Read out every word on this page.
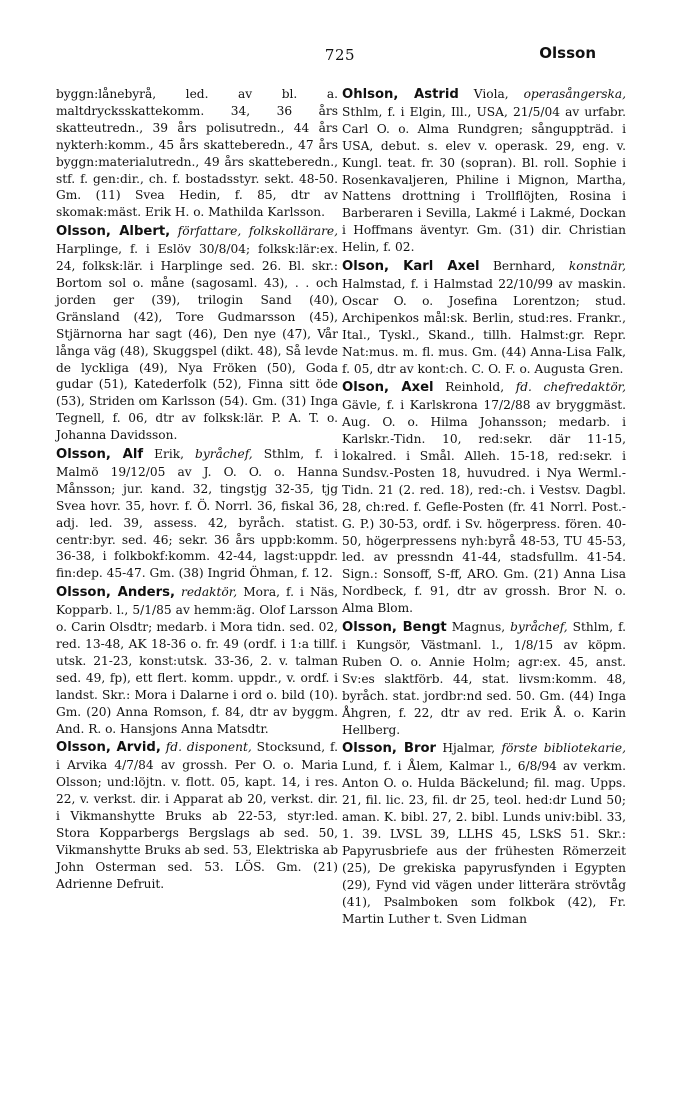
725	Olsson

byggn:lånebyrå, led. av bl. a. maltdrycksskattekomm. 34, 36 års skatteutredn., 39 års polisutredn., 44 års nykterh:komm., 45 års skatteberedn., 47 års byggn:materialutredn., 49 års skatteberedn., stf. f. gen:dir., ch. f. bostadsstyr. sekt. 48-50. Gm. (11) Svea Hedin, f. 85, dtr av skomak:mäst. Erik H. o. Mathilda Karlsson.

Olsson, Albert, författare, folkskollärare, Harplinge, f. i Eslöv 30/8/04; folksk:lär:ex. 24, folksk:lär. i Harplinge sed. 26. Bl. skr.: Bortom sol o. måne (sagosaml. 43), . . och jorden ger (39), trilogin Sand (40), Gränsland (42), Tore Gudmarsson (45), Stjärnorna har sagt (46), Den nye (47), Vår långa väg (48), Skuggspel (dikt. 48), Så levde de lyckliga (49), Nya Fröken (50), Goda gudar (51), Katederfolk (52), Finna sitt öde (53), Striden om Karlsson (54). Gm. (31) Inga Tegnell, f. 06, dtr av folksk:lär. P. A. T. o. Johanna Davidsson.

Olsson, Alf Erik, byråchef, Sthlm, f. i Malmö 19/12/05 av J. O. O. o. Hanna Månsson; jur. kand. 32, tingstjg 32-35, tjg Svea hovr. 35, hovr. f. Ö. Norrl. 36, fiskal 36, adj. led. 39, assess. 42, byråch. statist. centr:byr. sed. 46; sekr. 36 års uppb:komm. 36-38, i folkbokf:komm. 42-44, lagst:uppdr. fin:dep. 45-47. Gm. (38) Ingrid Öhman, f. 12.

Olsson, Anders, redaktör, Mora, f. i Näs, Kopparb. l., 5/1/85 av hemm:äg. Olof Larsson o. Carin Olsdtr; medarb. i Mora tidn. sed. 02, red. 13-48, AK 18-36 o. fr. 49 (ordf. i 1:a tillf. utsk. 21-23, konst:utsk. 33-36, 2. v. talman sed. 49, fp), ett flert. komm. uppdr., v. ordf. i landst. Skr.: Mora i Dalarne i ord o. bild (10). Gm. (20) Anna Romson, f. 84, dtr av byggm. And. R. o. Hansjons Anna Matsdtr.

Olsson, Arvid, fd. disponent, Stocksund, f. i Arvika 4/7/84 av grossh. Per O. o. Maria Olsson; und:löjtn. v. flott. 05, kapt. 14, i res. 22, v. verkst. dir. i Apparat ab 20, verkst. dir. i Vikmanshytte Bruks ab 22-53, styr:led. Stora Kopparbergs Bergslags ab sed. 50, Vikmanshytte Bruks ab sed. 53, Elektriska ab John Osterman sed. 53. LÖS. Gm. (21) Adrienne Defruit.

Ohlson, Astrid Viola, operasångerska, Sthlm, f. i Elgin, Ill., USA, 21/5/04 av urfabr. Carl O. o. Alma Rundgren; sånguppträd. i USA, debut. s. elev v. operask. 29, eng. v. Kungl. teat. fr. 30 (sopran). Bl. roll. Sophie i Rosenkavaljeren, Philine i Mignon, Martha, Nattens drottning i Trollflöjten, Rosina i Barberaren i Sevilla, Lakmé i Lakmé, Dockan i Hoffmans äventyr. Gm. (31) dir. Christian Helin, f. 02.

Olson, Karl Axel Bernhard, konstnär, Halmstad, f. i Halmstad 22/10/99 av maskin. Oscar O. o. Josefina Lorentzon; stud. Archipenkos mål:sk. Berlin, stud:res. Frankr., Ital., Tyskl., Skand., tillh. Halmst:gr. Repr. Nat:mus. m. fl. mus. Gm. (44) Anna-Lisa Falk, f. 05, dtr av kont:ch. C. O. F. o. Augusta Gren.

Olson, Axel Reinhold, fd. chefredaktör, Gävle, f. i Karlskrona 17/2/88 av bryggmäst. Aug. O. o. Hilma Johansson; medarb. i Karlskr.-Tidn. 10, red:sekr. där 11-15, lokalred. i Smål. Alleh. 15-18, red:sekr. i Sundsv.-Posten 18, huvudred. i Nya Werml.-Tidn. 21 (2. red. 18), red:-ch. i Vestsv. Dagbl. 28, ch:red. f. Gefle-Posten (fr. 41 Norrl. Post.-G. P.) 30-53, ordf. i Sv. högerpress. fören. 40-50, högerpressens nyh:byrå 48-53, TU 45-53, led. av pressndn 41-44, stadsfullm. 41-54. Sign.: Sonsoff, S-ff, ARO. Gm. (21) Anna Lisa Nordbeck, f. 91, dtr av grossh. Bror N. o. Alma Blom.

Olsson, Bengt Magnus, byråchef, Sthlm, f. i Kungsör, Västmanl. l., 1/8/15 av köpm. Ruben O. o. Annie Holm; agr:ex. 45, anst. Sv:es slaktförb. 44, stat. livsm:komm. 48, byråch. stat. jordbr:nd sed. 50. Gm. (44) Inga Åhgren, f. 22, dtr av red. Erik Å. o. Karin Hellberg.

Olsson, Bror Hjalmar, förste bibliotekarie, Lund, f. i Ålem, Kalmar l., 6/8/94 av verkm. Anton O. o. Hulda Bäckelund; fil. mag. Upps. 21, fil. lic. 23, fil. dr 25, teol. hed:dr Lund 50; aman. K. bibl. 27, 2. bibl. Lunds univ:bibl. 33, 1. 39. LVSL 39, LLHS 45, LSkS 51. Skr.: Papyrusbriefe aus der frühesten Römerzeit (25), De grekiska papyrusfynden i Egypten (29), Fynd vid vägen under litterära strövtåg (41), Psalmboken som folkbok (42), Fr. Martin Luther t. Sven Lidman
